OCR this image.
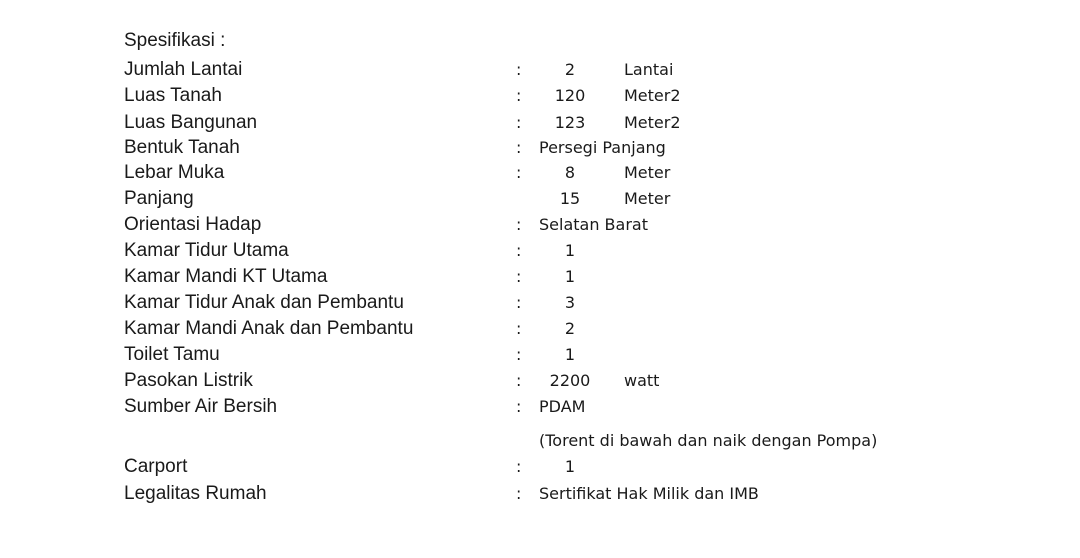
Spesifikasi :
Jumlah Lantai	:	2	Lantai
Luas Tanah	:	120	Meter2
Luas Bangunan	:	123	Meter2
Bentuk Tanah	: Persegi Panjang
Lebar Muka	:	8	Meter
Panjang	15	Meter
Orientasi Hadap	: Selatan Barat
Kamar Tidur Utama	:	1
Kamar Mandi KT Utama	:	1
Kamar Tidur Anak dan Pembantu	:	3
Kamar Mandi Anak dan Pembantu	:	2
Toilet Tamu	:	1
Pasokan Listrik	:	2200	watt
Sumber Air Bersih	: PDAM
(Torent di bawah dan naik dengan Pompa)
Carport	:	1
Legalitas Rumah	: Sertifikat Hak Milik dan IMB
